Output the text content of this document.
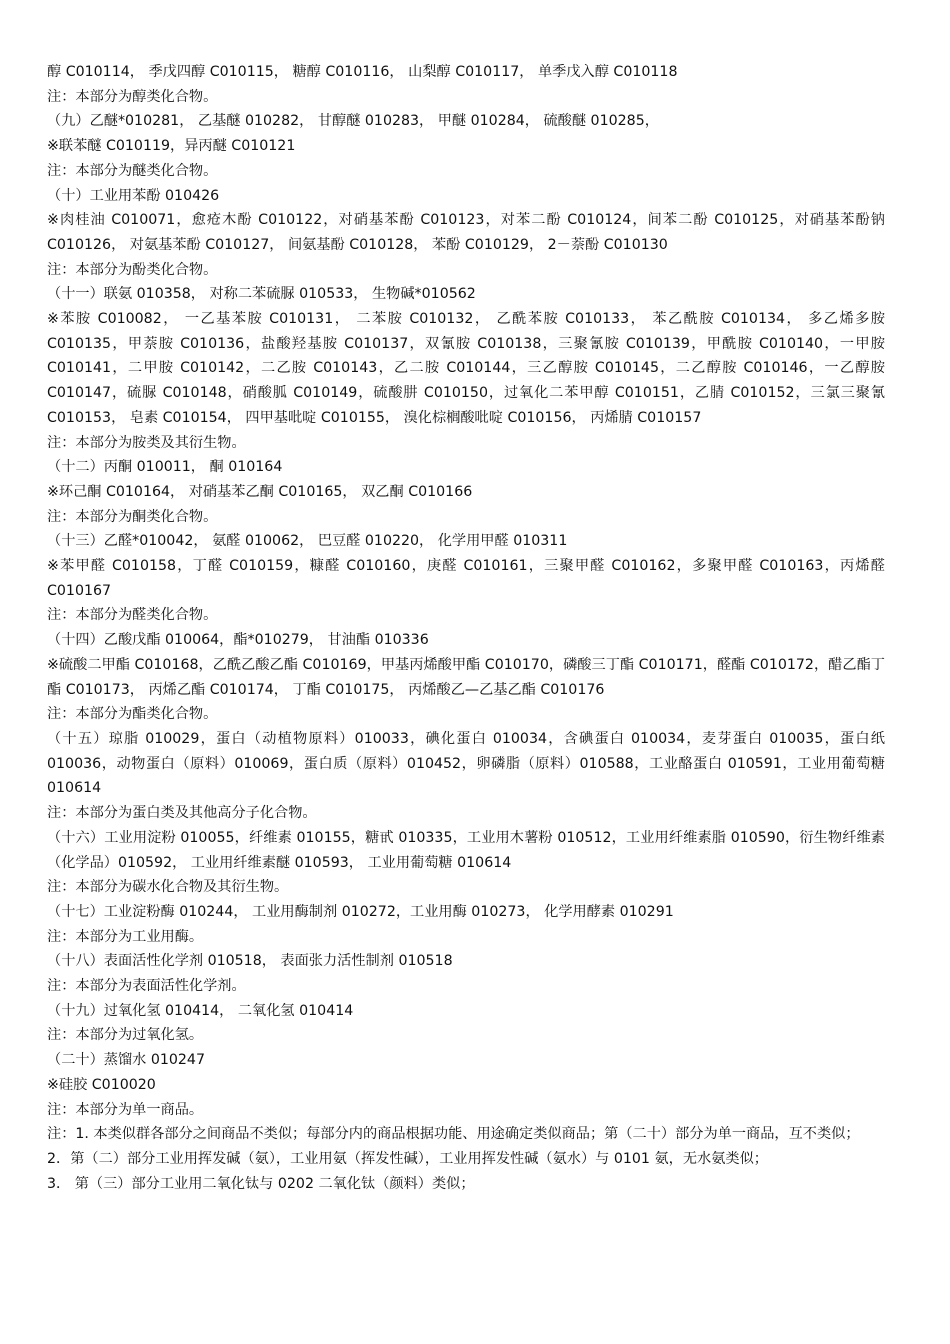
醇 C010114， 季戊四醇 C010115， 糖醇 C010116， 山梨醇 C010117， 单季戊入醇 C010118

注：本部分为醇类化合物。

（九）乙醚*010281， 乙基醚 010282， 甘醇醚 010283， 甲醚 010284， 硫酸醚 010285，

※联苯醚 C010119，异丙醚 C010121

注：本部分为醚类化合物。

（十）工业用苯酚 010426

※肉桂油 C010071，愈疮木酚 C010122，对硝基苯酚 C010123，对苯二酚 C010124，间苯二酚 C010125，对硝基苯酚钠 C010126， 对氨基苯酚 C010127， 间氨基酚 C010128， 苯酚 C010129， 2－萘酚 C010130

注：本部分为酚类化合物。

（十一）联氨 010358， 对称二苯硫脲 010533， 生物碱*010562

※苯胺 C010082， 一乙基苯胺 C010131， 二苯胺 C010132， 乙酰苯胺 C010133， 苯乙酰胺 C010134， 多乙烯多胺 C010135，甲萘胺 C010136，盐酸羟基胺 C010137，双氰胺 C010138，三聚氰胺 C010139，甲酰胺 C010140，一甲胺 C010141，二甲胺 C010142，二乙胺 C010143，乙二胺 C010144，三乙醇胺 C010145，二乙醇胺 C010146，一乙醇胺 C010147，硫脲 C010148，硝酸胍 C010149，硫酸肼 C010150，过氧化二苯甲醇 C010151，乙腈 C010152，三氯三聚氰 C010153， 皂素 C010154， 四甲基吡啶 C010155， 溴化棕榈酸吡啶 C010156， 丙烯腈 C010157

注：本部分为胺类及其衍生物。

（十二）丙酮 010011， 酮 010164

※环己酮 C010164， 对硝基苯乙酮 C010165， 双乙酮 C010166

注：本部分为酮类化合物。

（十三）乙醛*010042， 氨醛 010062， 巴豆醛 010220， 化学用甲醛 010311

※苯甲醛 C010158，丁醛 C010159，糠醛 C010160，庚醛 C010161，三聚甲醛 C010162，多聚甲醛 C010163，丙烯醛 C010167

注：本部分为醛类化合物。

（十四）乙酸戊酯 010064，酯*010279， 甘油酯 010336

※硫酸二甲酯 C010168，乙酰乙酸乙酯 C010169，甲基丙烯酸甲酯 C010170，磷酸三丁酯 C010171，醛酯 C010172，醋乙酯丁酯 C010173， 丙烯乙酯 C010174， 丁酯 C010175， 丙烯酸乙—乙基乙酯 C010176

注：本部分为酯类化合物。

（十五）琼脂 010029，蛋白（动植物原料）010033，碘化蛋白 010034，含碘蛋白 010034，麦芽蛋白 010035，蛋白纸 010036，动物蛋白（原料）010069，蛋白质（原料）010452，卵磷脂（原料）010588，工业酪蛋白 010591，工业用葡萄糖 010614

注：本部分为蛋白类及其他高分子化合物。

（十六）工业用淀粉 010055，纤维素 010155，糖甙 010335，工业用木薯粉 010512，工业用纤维素脂 010590，衍生物纤维素（化学品）010592， 工业用纤维素醚 010593， 工业用葡萄糖 010614

注：本部分为碳水化合物及其衍生物。

（十七）工业淀粉酶 010244， 工业用酶制剂 010272，工业用酶 010273， 化学用酵素 010291

注：本部分为工业用酶。

（十八）表面活性化学剂 010518， 表面张力活性制剂 010518

注：本部分为表面活性化学剂。

（十九）过氧化氢 010414， 二氧化氢 010414

注：本部分为过氧化氢。

（二十）蒸馏水 010247

※硅胶 C010020

注：本部分为单一商品。

注：1. 本类似群各部分之间商品不类似；每部分内的商品根据功能、用途确定类似商品；第（二十）部分为单一商品，互不类似；

2．第（二）部分工业用挥发碱（氨），工业用氨（挥发性碱），工业用挥发性碱（氨水）与 0101 氨，无水氨类似；

3． 第（三）部分工业用二氧化钛与 0202 二氧化钛（颜料）类似；
